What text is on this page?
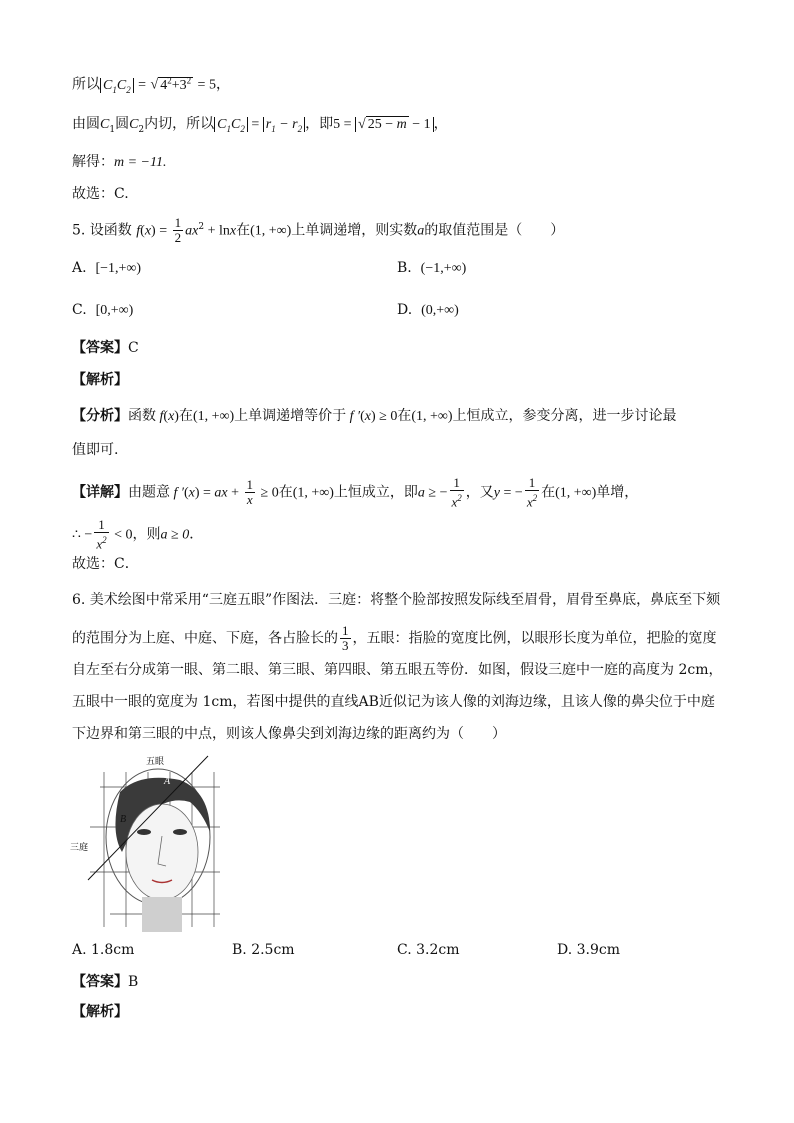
所以 $C_1C_2$ = √ $4^2+3^2 = 5$，
由圆$C_1$圆$C_2$内切，所以 $C_1C_2 = r_1 - r_2$ ，即5 = √ 25 − m − 1 ，
解得：m = −11.
故选：C.
5. 设函数 $f(x) = \frac{1}{2} ax^2 + \ln x$在(1, +∞)上单调递增，则实数a的取值范围是（　　）
A. [−1,+∞)	B. (−1,+∞)
C. [0,+∞)	D. (0,+∞)
【答案】C
【解析】
【分析】函数 f(x)在(1, +∞)上单调递增等价于 f ′(x) ≥ 0在(1, +∞)上恒成立，参变分离，进一步讨论最
值即可.
【详解】由题意 f ′(x) = ax + $\frac{1}{x} \ge 0$在(1, +∞)上恒成立，即a ≥ − $\frac{1}{x^2}$ ，又y = − $\frac{1}{x^2}$ 在(1, +∞)单增，
∴ − $\frac{1}{x^2} < 0$，则a ≥ 0．
故选：C．
6. 美术绘图中常采用“三庭五眼”作图法．三庭：将整个脸部按照发际线至眉骨，眉骨至鼻底，鼻底至下颏
的范围分为上庭、中庭、下庭，各占脸长的 $\frac{1}{3}$ ，五眼：指脸的宽度比例，以眼形长度为单位，把脸的宽度
自左至右分成第一眼、第二眼、第三眼、第四眼、第五眼五等份．如图，假设三庭中一庭的高度为 2cm，
五眼中一眼的宽度为 1cm，若图中提供的直线AB近似记为该人像的刘海边缘，且该人像的鼻尖位于中庭
下边界和第三眼的中点，则该人像鼻尖到刘海边缘的距离约为（　　）
五眼
三庭
A
B
A. 1.8cm	B. 2.5cm	C. 3.2cm	D. 3.9cm
【答案】B
【解析】
